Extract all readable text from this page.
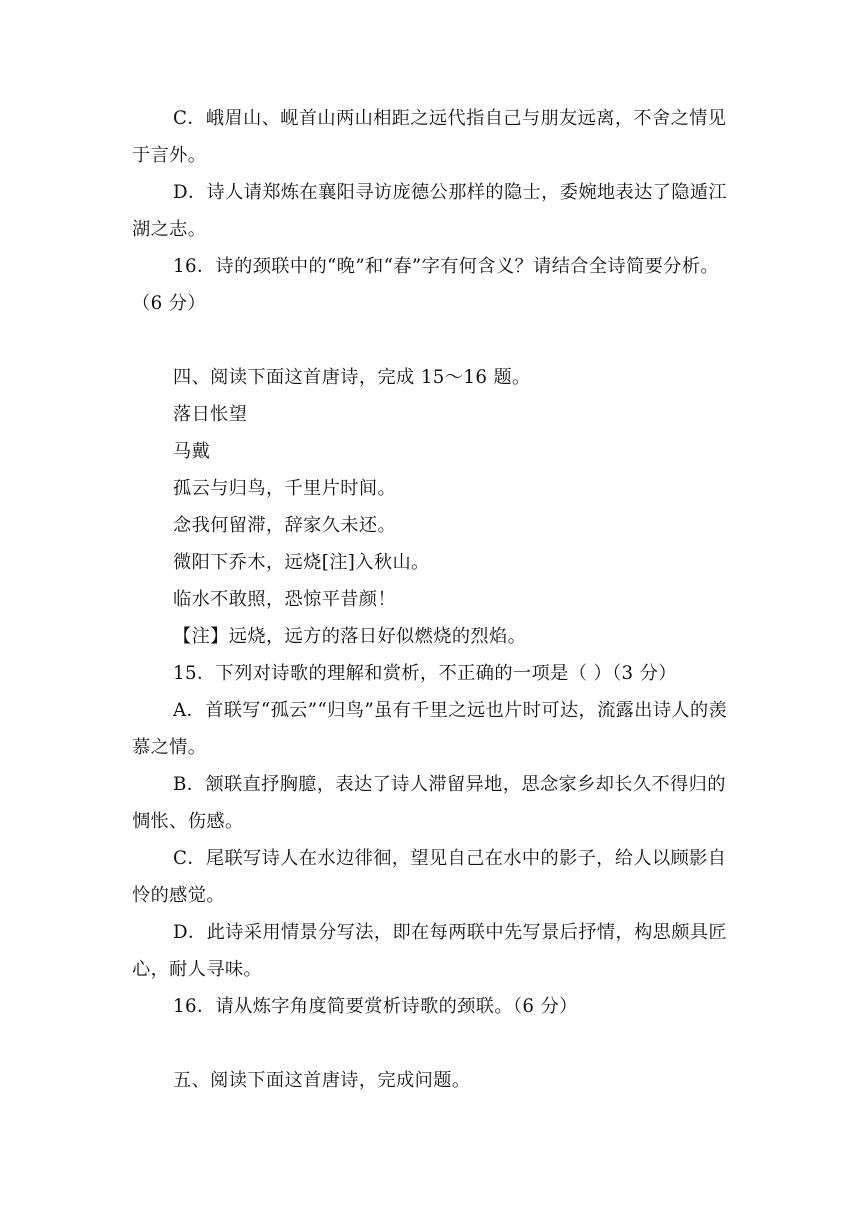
C．峨眉山、岘首山两山相距之远代指自己与朋友远离，不舍之情见于言外。

D．诗人请郑炼在襄阳寻访庞德公那样的隐士，委婉地表达了隐遁江湖之志。

16．诗的颈联中的“晚”和“春”字有何含义？请结合全诗简要分析。（6 分）

四、阅读下面这首唐诗，完成 15～16 题。

落日怅望

马戴

孤云与归鸟，千里片时间。

念我何留滞，辞家久未还。

微阳下乔木，远烧[注]入秋山。

临水不敢照，恐惊平昔颜！

【注】远烧，远方的落日好似燃烧的烈焰。

15．下列对诗歌的理解和赏析，不正确的一项是（ ）（3 分）

A．首联写“孤云”“归鸟”虽有千里之远也片时可达，流露出诗人的羡慕之情。

B．颔联直抒胸臆，表达了诗人滞留异地，思念家乡却长久不得归的惆怅、伤感。

C．尾联写诗人在水边徘徊，望见自己在水中的影子，给人以顾影自怜的感觉。

D．此诗采用情景分写法，即在每两联中先写景后抒情，构思颇具匠心，耐人寻味。

16．请从炼字角度简要赏析诗歌的颈联。（6 分）

五、阅读下面这首唐诗，完成问题。
